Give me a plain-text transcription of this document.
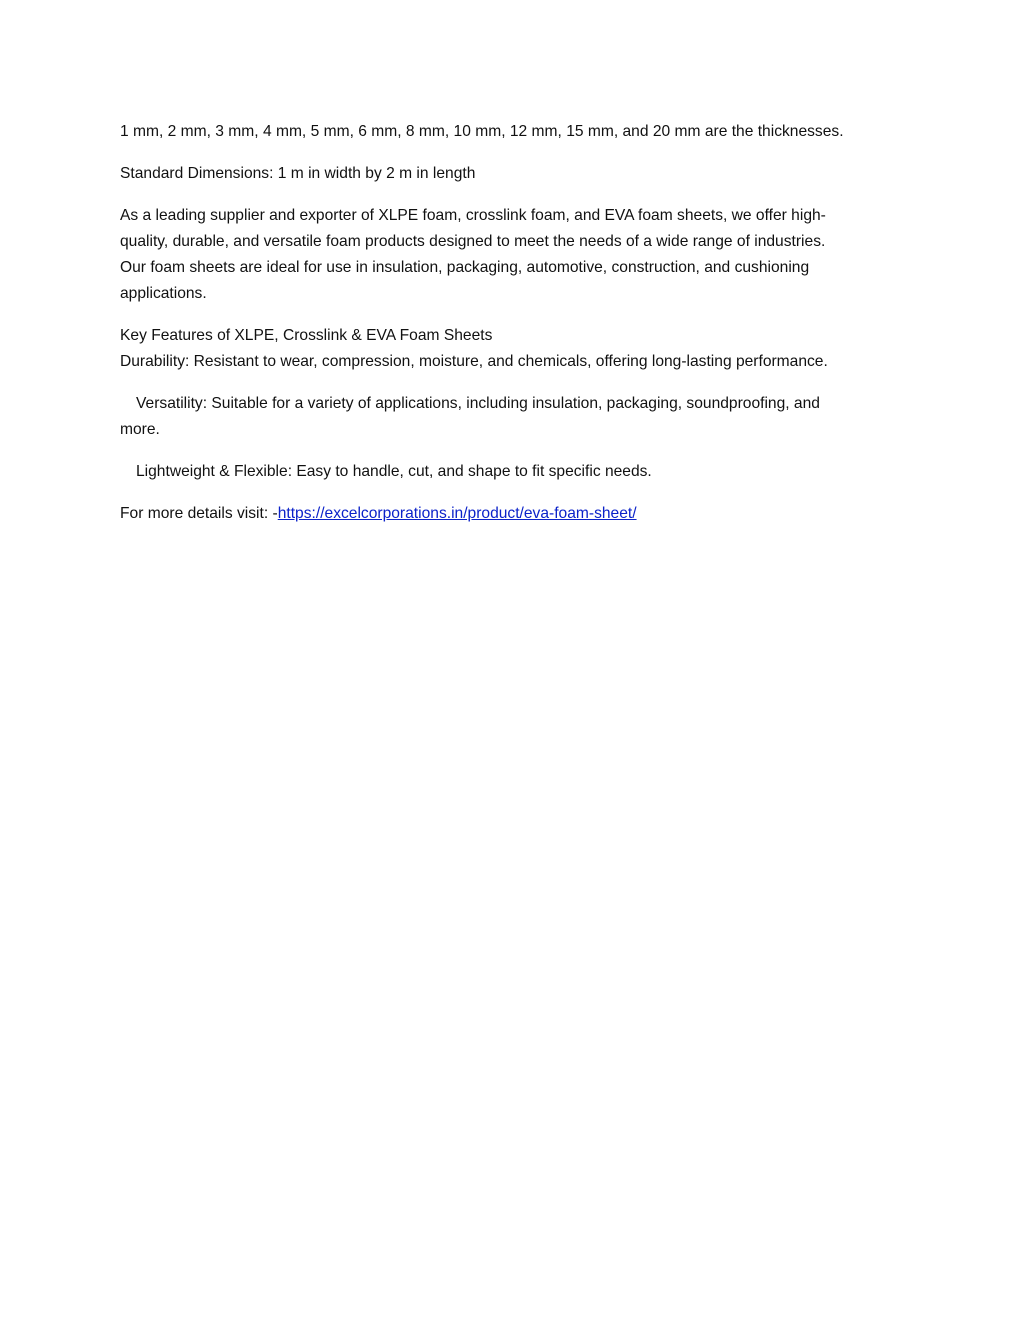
1 mm, 2 mm, 3 mm, 4 mm, 5 mm, 6 mm, 8 mm, 10 mm, 12 mm, 15 mm, and 20 mm are the thicknesses.

Standard Dimensions: 1 m in width by 2 m in length

As a leading supplier and exporter of XLPE foam, crosslink foam, and EVA foam sheets, we offer high-
quality, durable, and versatile foam products designed to meet the needs of a wide range of industries.
Our foam sheets are ideal for use in insulation, packaging, automotive, construction, and cushioning
applications.

Key Features of XLPE, Crosslink & EVA Foam Sheets
Durability: Resistant to wear, compression, moisture, and chemicals, offering long-lasting performance.

Versatility: Suitable for a variety of applications, including insulation, packaging, soundproofing, and
more.

Lightweight & Flexible: Easy to handle, cut, and shape to fit specific needs.

For more details visit: -https://excelcorporations.in/product/eva-foam-sheet/
